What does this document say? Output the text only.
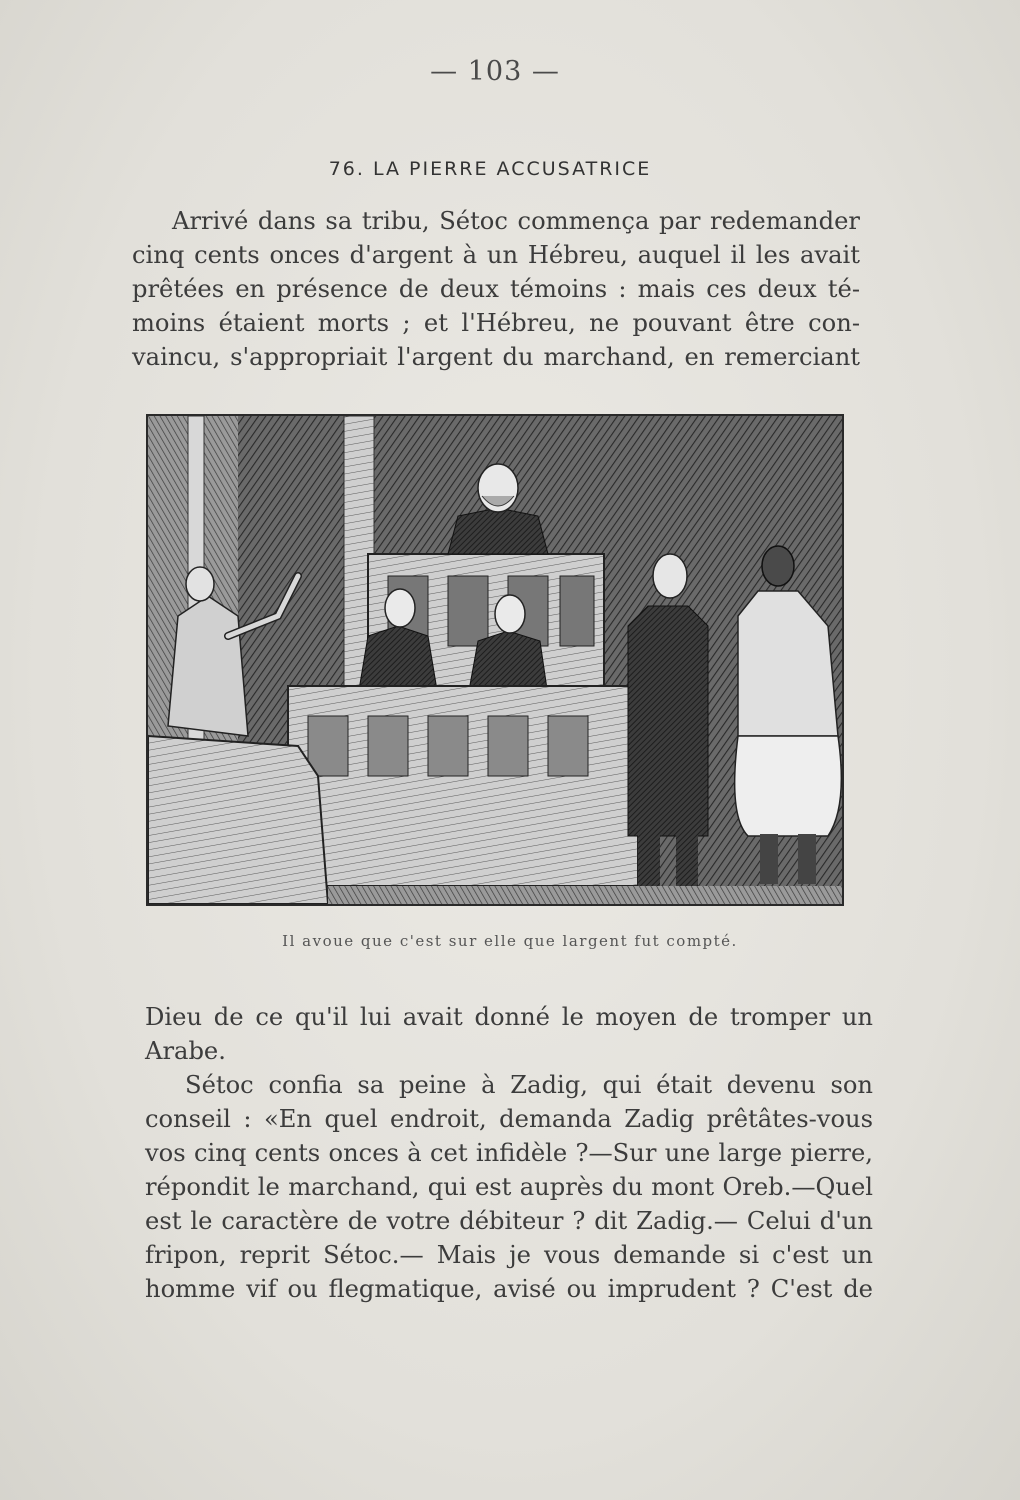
— 103 —
76. LA PIERRE ACCUSATRICE

Arrivé dans sa tribu, Sétoc commença par redemander
cinq cents onces d'argent à un Hébreu, auquel il les avait
prêtées en présence de deux témoins : mais ces deux té-
moins étaient morts ; et l'Hébreu, ne pouvant être con-
vaincu, s'appropriait l'argent du marchand, en remerciant

Il avoue que c'est sur elle que largent fut compté.

Dieu de ce qu'il lui avait donné le moyen de tromper un
Arabe.

Sétoc confia sa peine à Zadig, qui était devenu son
conseil : «En quel endroit, demanda Zadig prêtâtes-vous
vos cinq cents onces à cet infidèle ?—Sur une large pierre,
répondit le marchand, qui est auprès du mont Oreb.—Quel
est le caractère de votre débiteur ? dit Zadig.— Celui d'un
fripon, reprit Sétoc.— Mais je vous demande si c'est un
homme vif ou flegmatique, avisé ou imprudent ? C'est de
